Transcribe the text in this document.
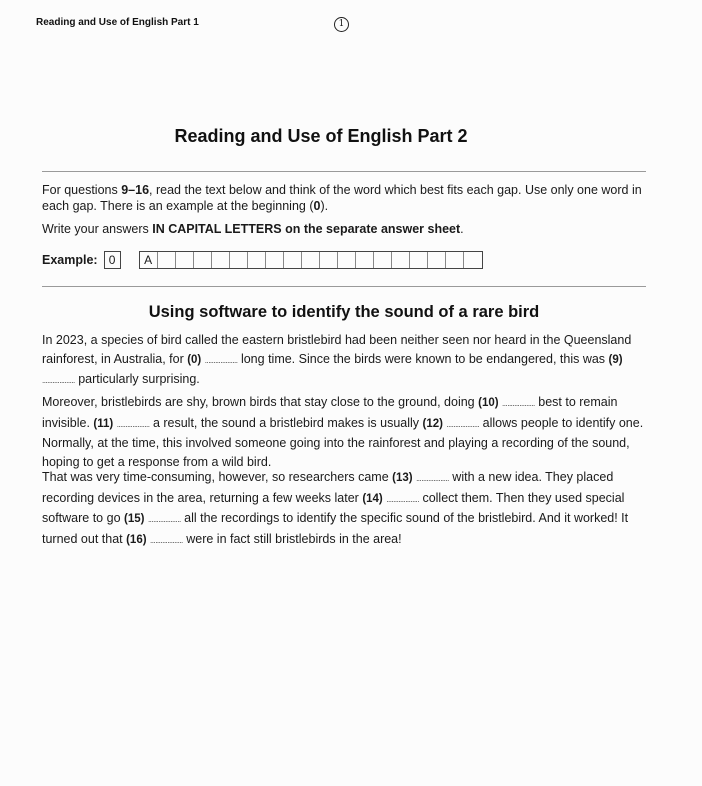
Reading and Use of English Part 1	1
Reading and Use of English Part 2
For questions 9–16, read the text below and think of the word which best fits each gap. Use only one word in each gap. There is an example at the beginning (0).
Write your answers IN CAPITAL LETTERS on the separate answer sheet.
Example: 0	A
Using software to identify the sound of a rare bird

In 2023, a species of bird called the eastern bristlebird had been neither seen nor heard in the Queensland rainforest, in Australia, for (0) ................... long time. Since the birds were known to be endangered, this was (9) ................... particularly surprising.

Moreover, bristlebirds are shy, brown birds that stay close to the ground, doing (10) ................... best to remain invisible. (11) ................... a result, the sound a bristlebird makes is usually (12) ................... allows people to identify one. Normally, at the time, this involved someone going into the rainforest and playing a recording of the sound, hoping to get a response from a wild bird.

That was very time-consuming, however, so researchers came (13) ................... with a new idea. They placed recording devices in the area, returning a few weeks later (14) ................... collect them. Then they used special software to go (15) ................... all the recordings to identify the specific sound of the bristlebird. And it worked! It turned out that (16) ................... were in fact still bristlebirds in the area!
